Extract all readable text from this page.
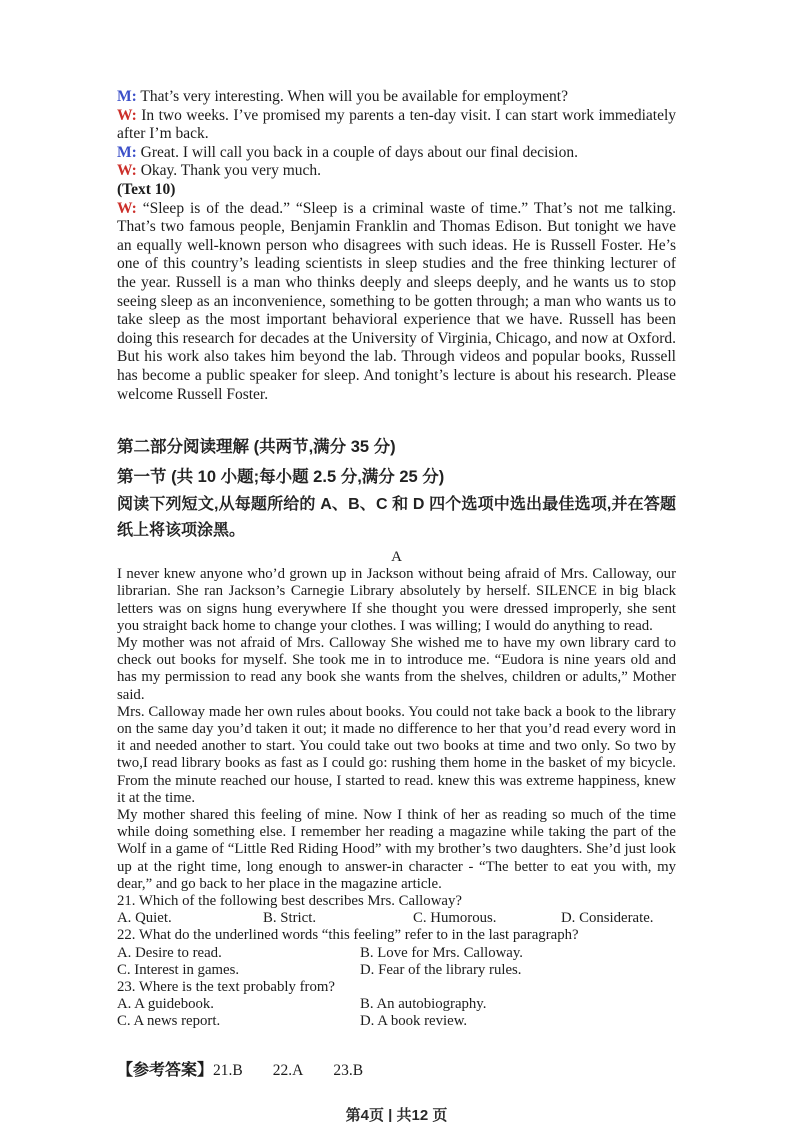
M: That’s very interesting. When will you be available for employment?

W: In two weeks. I’ve promised my parents a ten-day visit. I can start work immediately after I’m back.

M: Great. I will call you back in a couple of days about our final decision.

W: Okay. Thank you very much.

(Text 10)

W: “Sleep is of the dead.” “Sleep is a criminal waste of time.” That’s not me talking. That’s two famous people, Benjamin Franklin and Thomas Edison. But tonight we have an equally well-known person who disagrees with such ideas. He is Russell Foster. He’s one of this country’s leading scientists in sleep studies and the free thinking lecturer of the year. Russell is a man who thinks deeply and sleeps deeply, and he wants us to stop seeing sleep as an inconvenience, something to be gotten through; a man who wants us to take sleep as the most important behavioral experience that we have. Russell has been doing this research for decades at the University of Virginia, Chicago, and now at Oxford. But his work also takes him beyond the lab. Through videos and popular books, Russell has become a public speaker for sleep. And tonight’s lecture is about his research. Please welcome Russell Foster.

第二部分阅读理解 (共两节,满分 35 分)

第一节 (共 10 小题;每小题 2.5 分,满分 25 分)

阅读下列短文,从每题所给的 A、B、C 和 D 四个选项中选出最佳选项,并在答题纸上将该项涂黑。

A

I never knew anyone who’d grown up in Jackson without being afraid of Mrs. Calloway, our librarian. She ran Jackson’s Carnegie Library absolutely by herself. SILENCE in big black letters was on signs hung everywhere If she thought you were dressed improperly, she sent you straight back home to change your clothes. I was willing; I would do anything to read.

My mother was not afraid of Mrs. Calloway She wished me to have my own library card to check out books for myself. She took me in to introduce me. “Eudora is nine years old and has my permission to read any book she wants from the shelves, children or adults,” Mother said.

Mrs. Calloway made her own rules about books. You could not take back a book to the library on the same day you’d taken it out; it made no difference to her that you’d read every word in it and needed another to start. You could take out two books at time and two only. So two by two,I read library books as fast as I could go: rushing them home in the basket of my bicycle. From the minute reached our house, I started to read. knew this was extreme happiness, knew it at the time.

My mother shared this feeling of mine. Now I think of her as reading so much of the time while doing something else. I remember her reading a magazine while taking the part of the Wolf in a game of “Little Red Riding Hood” with my brother’s two daughters. She’d just look up at the right time, long enough to answer-in character - “The better to eat you with, my dear,” and go back to her place in the magazine article.

21. Which of the following best describes Mrs. Calloway?

A. Quiet.	B. Strict.	C. Humorous.	D. Considerate.

22. What do the underlined words “this feeling” refer to in the last paragraph?

A. Desire to read.	B. Love for Mrs. Calloway.
C. Interest in games.	D. Fear of the library rules.

23. Where is the text probably from?

A. A guidebook.	B. An autobiography.
C. A news report.	D. A book review.

【参考答案】21.B 22.A 23.B

第4页 | 共12 页
